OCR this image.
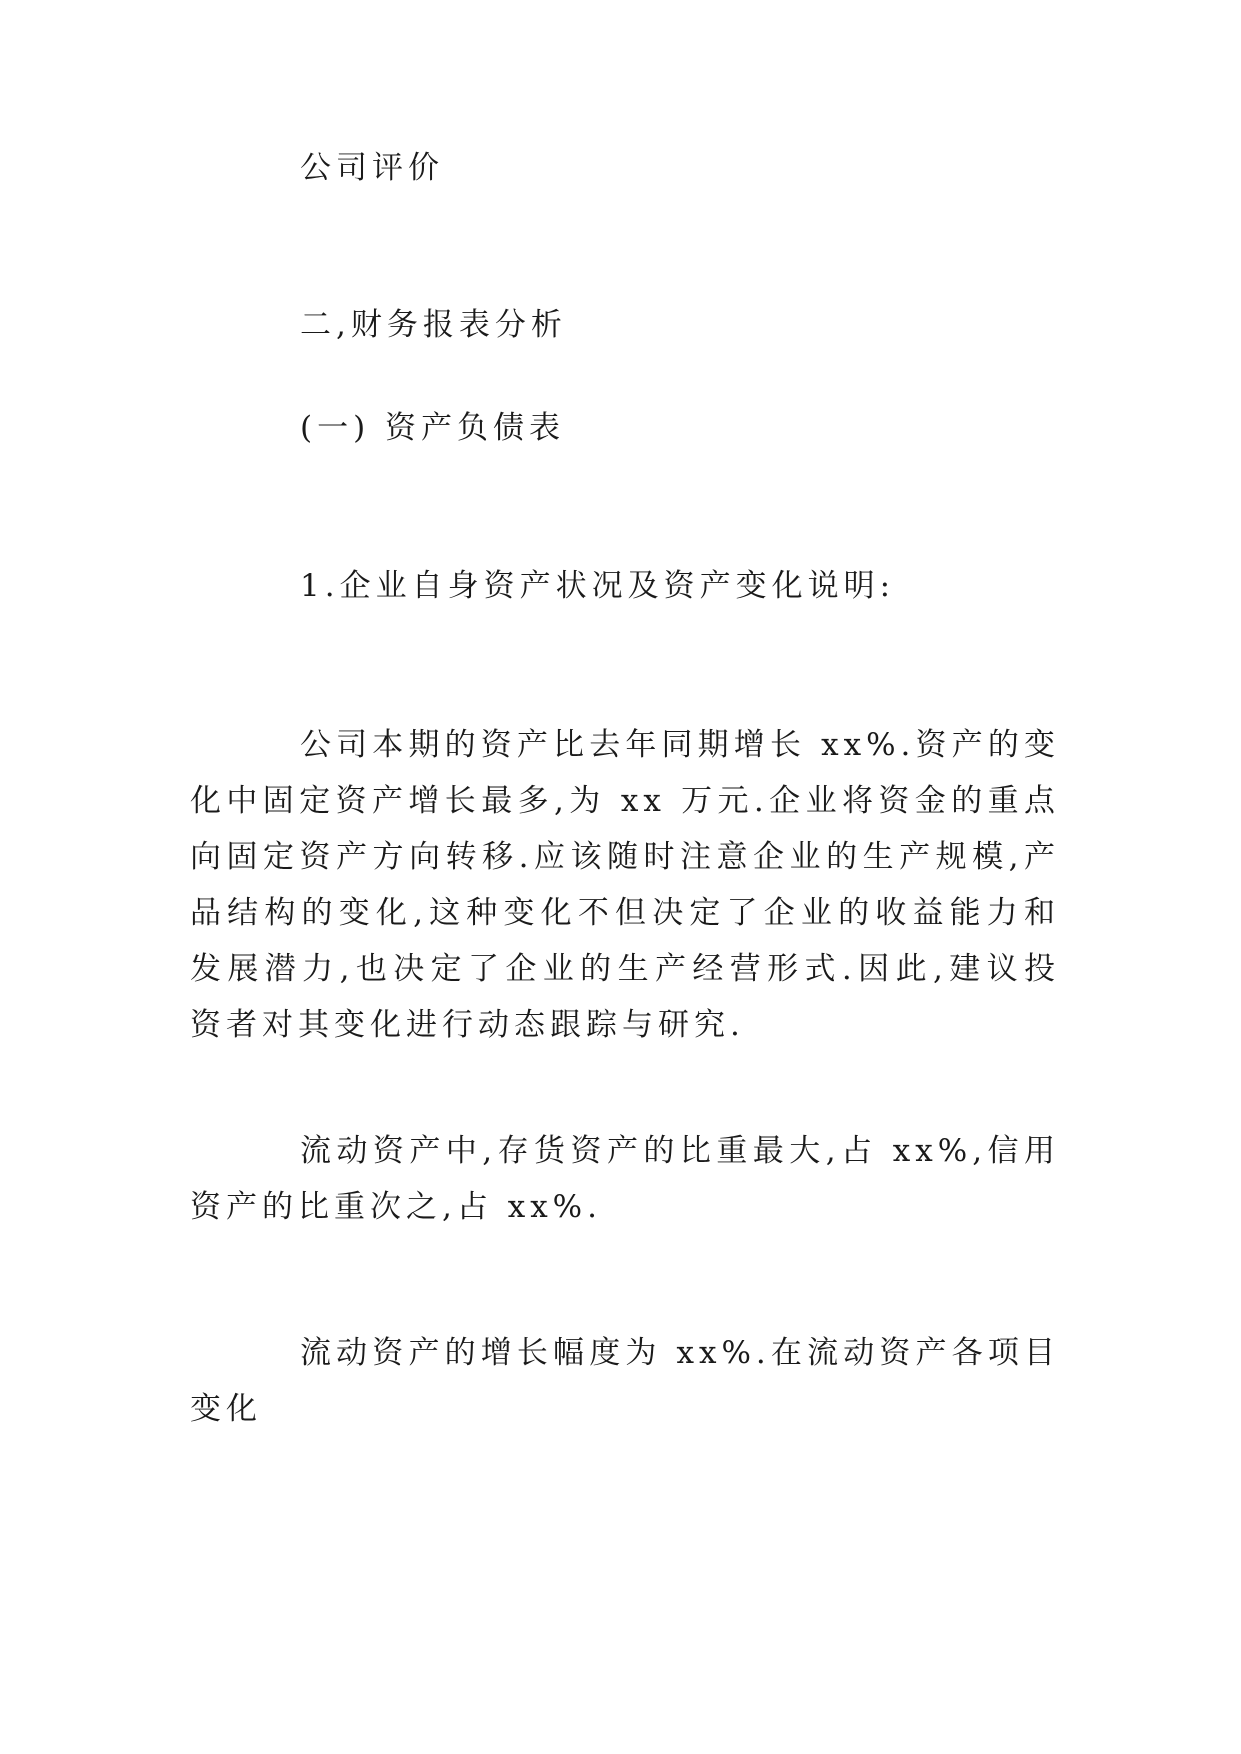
公司评价
二,财务报表分析
(一) 资产负债表
1.企业自身资产状况及资产变化说明:
公司本期的资产比去年同期增长 xx%.资产的变化中固定资产增长最多,为 xx 万元.企业将资金的重点向固定资产方向转移.应该随时注意企业的生产规模,产品结构的变化,这种变化不但决定了企业的收益能力和发展潜力,也决定了企业的生产经营形式.因此,建议投资者对其变化进行动态跟踪与研究.
流动资产中,存货资产的比重最大,占 xx%,信用资产的比重次之,占 xx%.
流动资产的增长幅度为 xx%.在流动资产各项目变化
